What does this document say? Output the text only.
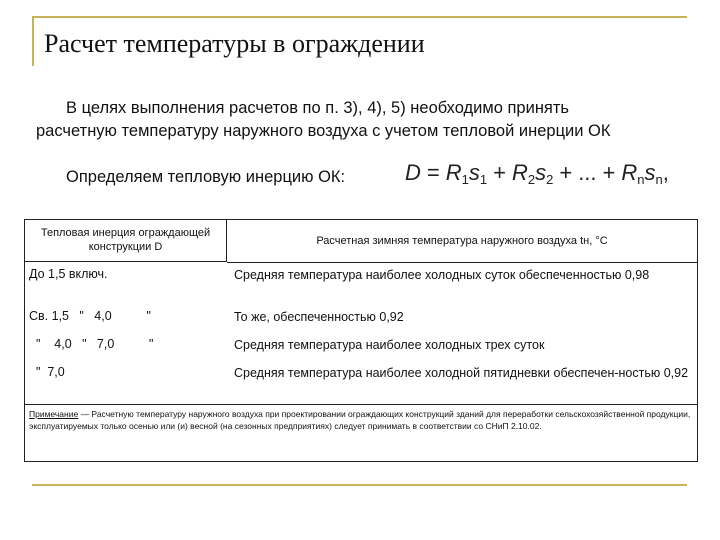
Расчет температуры в ограждении
В целях выполнения расчетов по п. 3), 4), 5) необходимо принять
расчетную температуру наружного воздуха с учетом тепловой инерции ОК
Определяем тепловую инерцию ОК:	$D = R_1s_1 + R_2s_2$ + ... + $R_ns_n$,
Тепловая инерция ограждающей конструкции D	Расчетная зимняя температура наружного воздуха tн, °С
До 1,5 включ.	Средняя температура наиболее холодных суток обеспеченностью 0,98
Св. 1,5   "   4,0          "	То же, обеспеченностью 0,92
"    4,0   "   7,0          "	Средняя температура наиболее холодных трех суток
"  7,0	Средняя температура наиболее холодной пятидневки обеспечен-ностью 0,92
Примечание — Расчетную температуру наружного воздуха при проектировании ограждающих конструкций зданий для переработки сельскохозяйственной продукции, эксплуатируемых только осенью или (и) весной (на сезонных предприятиях) следует принимать в соответствии со СНиП 2.10.02.
